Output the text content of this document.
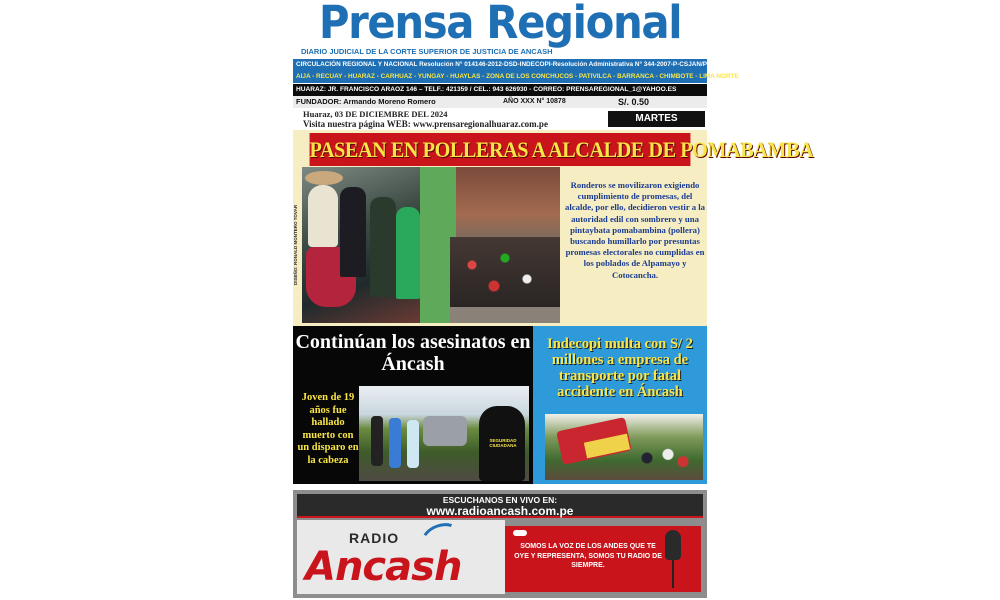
Prensa Regional
DIARIO JUDICIAL DE LA CORTE SUPERIOR DE JUSTICIA DE ANCASH
CIRCULACIÓN REGIONAL Y NACIONAL Resolución N° 014146-2012-DSD-INDECOPI-Resolución Administrativa N° 344-2007-P-CSJAN/PJ
AIJA - RECUAY - HUARAZ - CARHUAZ - YUNGAY - HUAYLAS - ZONA DE LOS CONCHUCOS - PATIVILCA - BARRANCA - CHIMBOTE - LIMA NORTE
HUARAZ: JR. FRANCISCO ARAOZ 146 – TELF.: 421359 / CEL.: 943 626930 - CORREO: PRENSAREGIONAL_1@YAHOO.ES
FUNDADOR: Armando Moreno Romero	AÑO XXX N° 10878	S/. 0.50
Huaraz, 03 DE DICIEMBRE DEL 2024
Visita nuestra página WEB: www.prensaregionalhuaraz.com.pe	MARTES
PASEAN EN POLLERAS A ALCALDE DE POMABAMBA
DISEÑO: RONALD MONTERO TOVAR
Ronderos se movilizaron exigiendo cumplimiento de promesas, del alcalde, por ello, decidieron vestir a la autoridad edil con sombrero y una pintaybata pomabambina (pollera) buscando humillarlo por presuntas promesas electorales no cumplidas en los poblados de Alpamayo y Cotocancha.
Continúan los asesinatos en Áncash
Joven de 19 años fue hallado muerto con un disparo en la cabeza
SEGURIDAD CIUDADANA
Indecopi multa con S/ 2 millones a empresa de transporte por fatal accidente en Áncash
ESCUCHANOS EN VIVO EN:
www.radioancash.com.pe
RADIO
Ancash	SOMOS LA VOZ DE LOS ANDES QUE TE OYE Y REPRESENTA, SOMOS TU RADIO DE SIEMPRE.
